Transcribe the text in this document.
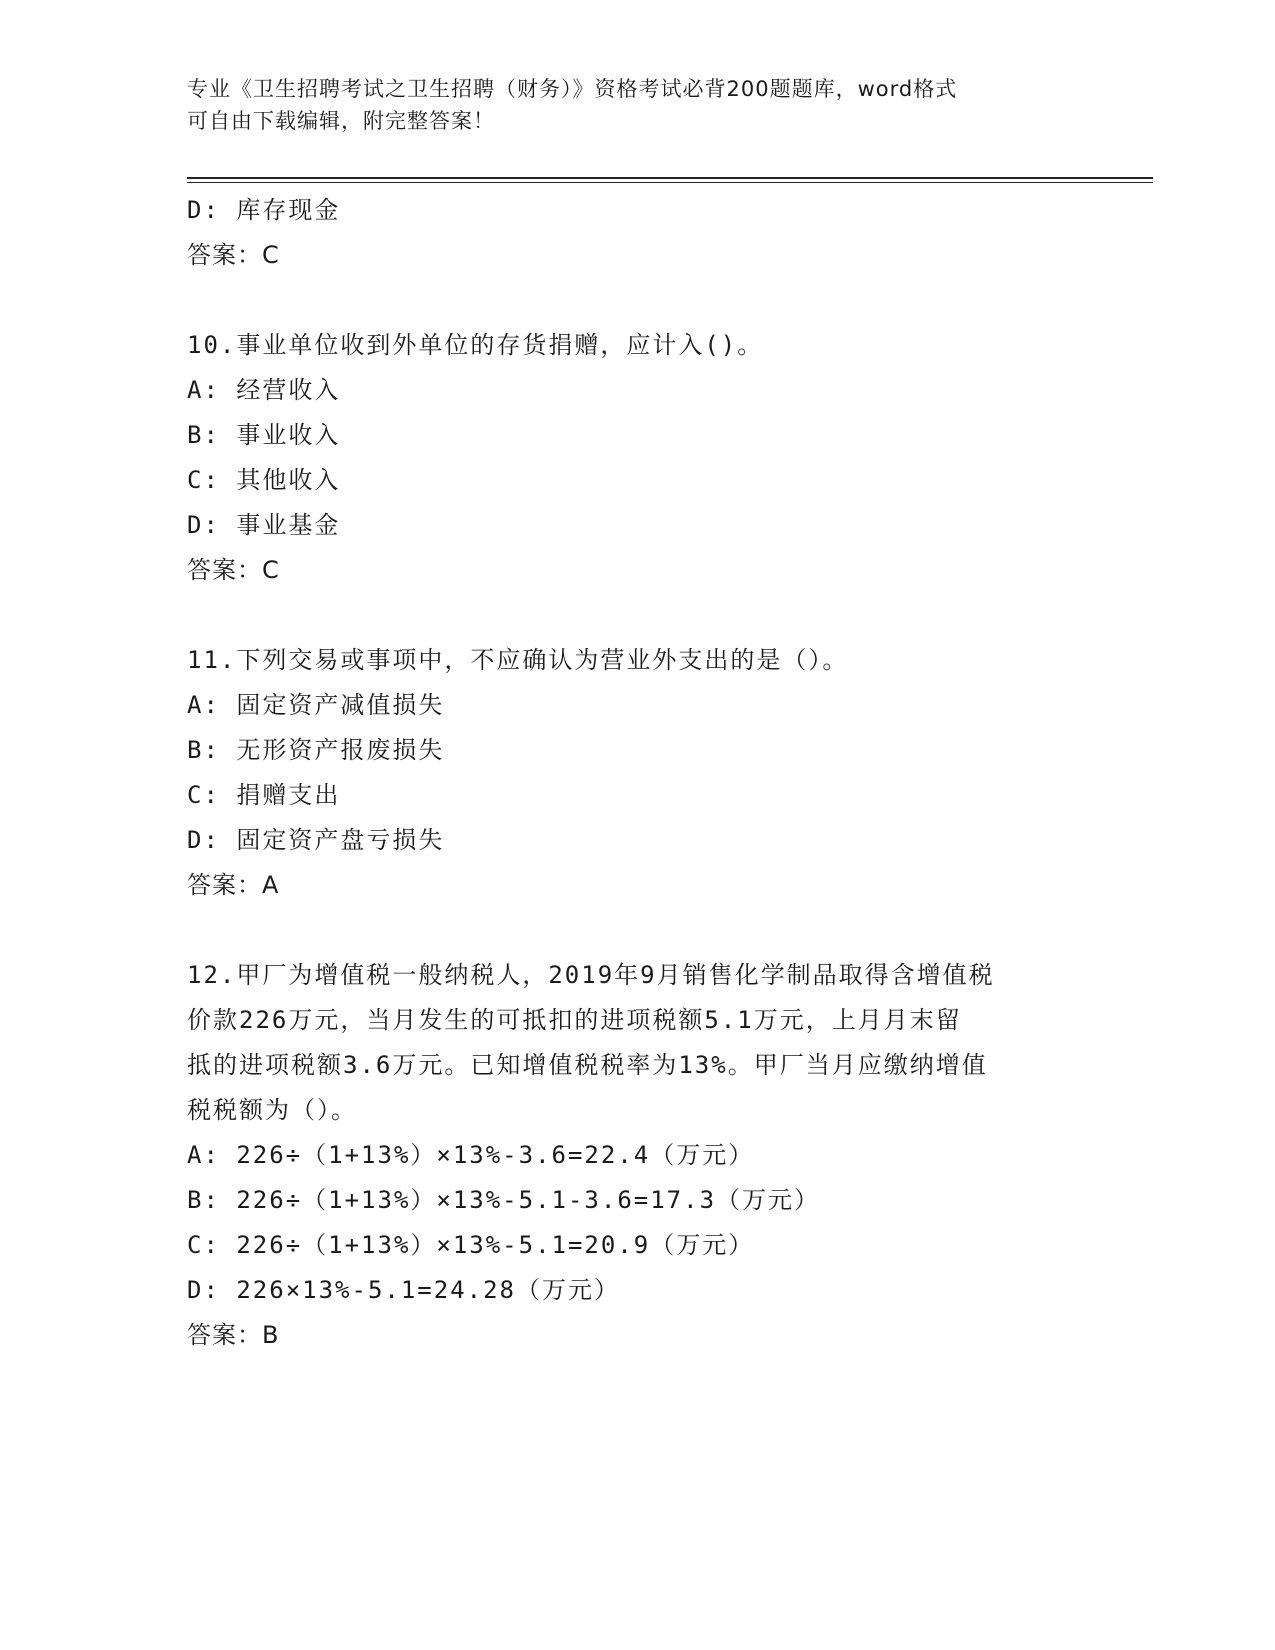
专业《卫生招聘考试之卫生招聘（财务）》资格考试必背200题题库，word格式
可自由下载编辑，附完整答案！
D: 库存现金
答案：C
10.事业单位收到外单位的存货捐赠，应计入()。
A: 经营收入
B: 事业收入
C: 其他收入
D: 事业基金
答案：C
11.下列交易或事项中，不应确认为营业外支出的是（）。
A: 固定资产减值损失
B: 无形资产报废损失
C: 捐赠支出
D: 固定资产盘亏损失
答案：A
12.甲厂为增值税一般纳税人，2019年9月销售化学制品取得含增值税
价款226万元，当月发生的可抵扣的进项税额5.1万元，上月月末留
抵的进项税额3.6万元。已知增值税税率为13%。甲厂当月应缴纳增值
税税额为（）。
A: 226÷（1+13%）×13%-3.6=22.4（万元）
B: 226÷（1+13%）×13%-5.1-3.6=17.3（万元）
C: 226÷（1+13%）×13%-5.1=20.9（万元）
D: 226×13%-5.1=24.28（万元）
答案：B
